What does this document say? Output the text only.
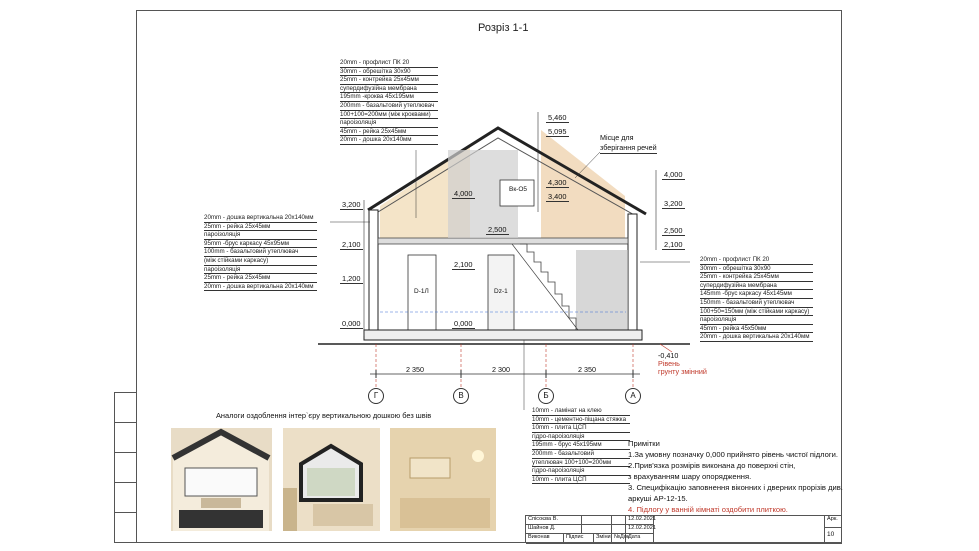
Розріз 1-1
20mm - профлист ПК 20
30mm - обрешітка 30х90
25mm - контрейка 25х45мм
супердифузійна мембрана
195mm -кроква 45х195мм
200mm - базальтовий утеплювач
100+100=200мм (між кроквами)
пароізоляція
45mm - рейка 25х45мм
20mm - дошка 20х140мм
20mm - дошка вертикальна 20х140мм
25mm - рейка 25х45мм
пароізоляція
95mm -брус каркасу 45х95мм
100mm - базальтовий утеплювач
(між стійками каркасу)
пароізоляція
25mm - рейка 25х45мм
20mm - дошка вертикальна 20х140мм
20mm - профлист ПК 20
30mm - обрешітка 30х90
25mm - контрейка 25х45мм
супердифузійна мембрана
145mm -брус каркасу 45х145мм
150mm - базальтовий утеплювач
100+50=150мм (між стійками каркасу)
пароізоляція
45mm - рейка 45х50мм
20mm - дошка вертикальна 20х140мм
10mm - ламінат на клею
10mm - цементно-піщана стяжка
10mm - плита ЦСП
гідро-пароізоляція
195mm - брус 45х195мм
200mm - базальтовий
утеплювач 100+100=200мм
гідро-пароізоляція
10mm - плита ЦСП
3,200
2,100
1,200
0,000
4,000
3,200
2,500
2,100
5,460
5,095
4,300
3,400
4,000
2,500
2,100
0,000
D-1Л	Dz-1
Вк-О5
Місце для
зберігання речей
-0,410
Рівень
грунту змінний
2 350	2 300	2 350
Г	В	Б	А
Аналоги оздоблення інтер`єру вертикальною дошкою без швів
Примітки
1.За умовну позначку 0,000 прийнято рівень чистої підлоги.
2.Прив'язка розмірів виконана до поверхні стін,
з врахуванням шару опорядження.
3. Специфікацію заповнення віконних і дверних прорізів див.
аркуші АР-12-15.
4. Підлогу у ванній кімнаті оздобити плиткою.
Спісоєва В.	12.02.2021
Шайнов Д.	12.02.2021
Виконав	Підпис	Зміни №Док
Дата
Арк.
10
